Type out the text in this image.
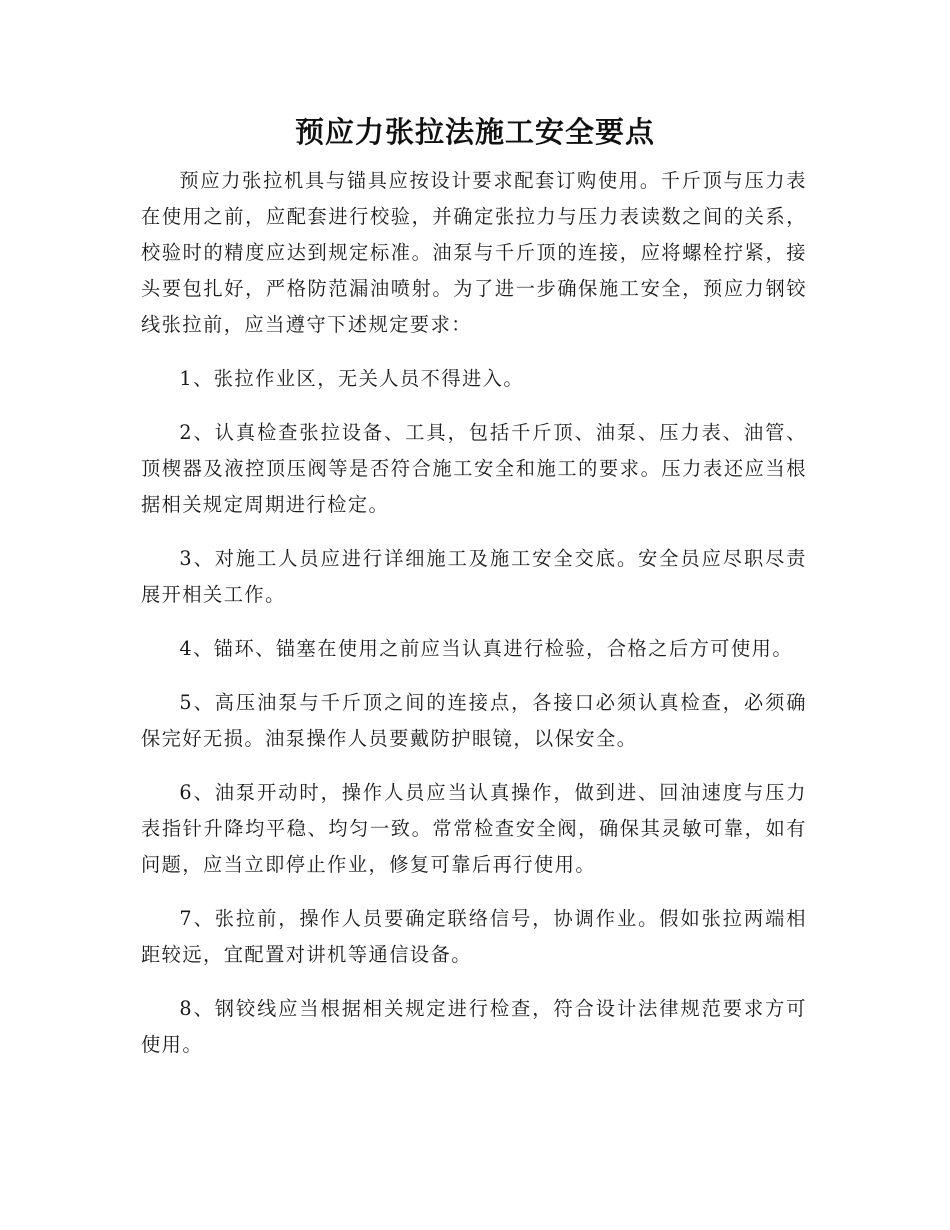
预应力张拉法施工安全要点

预应力张拉机具与锚具应按设计要求配套订购使用。千斤顶与压力表在使用之前，应配套进行校验，并确定张拉力与压力表读数之间的关系，校验时的精度应达到规定标准。油泵与千斤顶的连接，应将螺栓拧紧，接头要包扎好，严格防范漏油喷射。为了进一步确保施工安全，预应力钢铰线张拉前，应当遵守下述规定要求：

1、张拉作业区，无关人员不得进入。

2、认真检查张拉设备、工具，包括千斤顶、油泵、压力表、油管、顶楔器及液控顶压阀等是否符合施工安全和施工的要求。压力表还应当根据相关规定周期进行检定。

3、对施工人员应进行详细施工及施工安全交底。安全员应尽职尽责展开相关工作。

4、锚环、锚塞在使用之前应当认真进行检验，合格之后方可使用。

5、高压油泵与千斤顶之间的连接点，各接口必须认真检查，必须确保完好无损。油泵操作人员要戴防护眼镜，以保安全。

6、油泵开动时，操作人员应当认真操作，做到进、回油速度与压力表指针升降均平稳、均匀一致。常常检查安全阀，确保其灵敏可靠，如有问题，应当立即停止作业，修复可靠后再行使用。

7、张拉前，操作人员要确定联络信号，协调作业。假如张拉两端相距较远，宜配置对讲机等通信设备。

8、钢铰线应当根据相关规定进行检查，符合设计法律规范要求方可使用。
